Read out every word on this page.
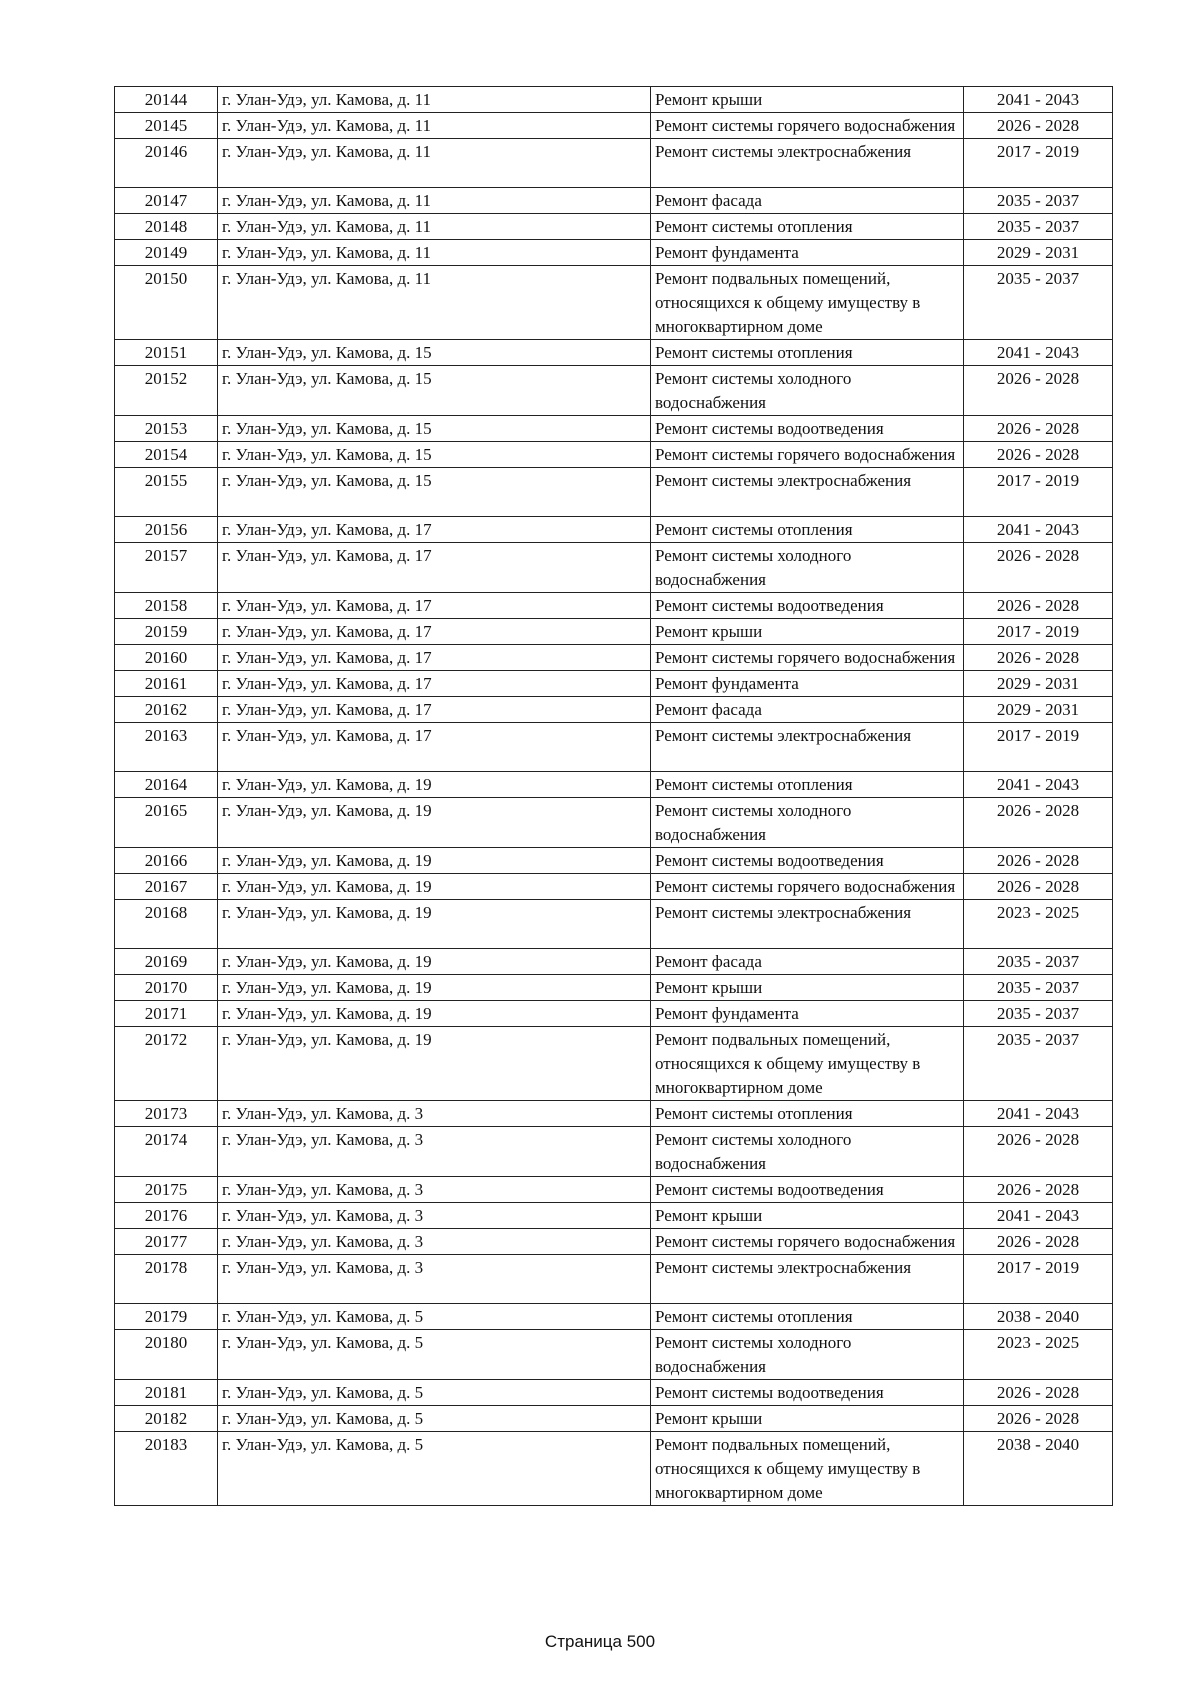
20144	г. Улан-Удэ, ул. Камова, д. 11	Ремонт крыши	2041 - 2043
20145	г. Улан-Удэ, ул. Камова, д. 11	Ремонт системы горячего водоснабжения	2026 - 2028
20146	г. Улан-Удэ, ул. Камова, д. 11	Ремонт системы электроснабжения	2017 - 2019
20147	г. Улан-Удэ, ул. Камова, д. 11	Ремонт фасада	2035 - 2037
20148	г. Улан-Удэ, ул. Камова, д. 11	Ремонт системы отопления	2035 - 2037
20149	г. Улан-Удэ, ул. Камова, д. 11	Ремонт фундамента	2029 - 2031
20150	г. Улан-Удэ, ул. Камова, д. 11	Ремонт подвальных помещений, относящихся к общему имуществу в многоквартирном доме	2035 - 2037
20151	г. Улан-Удэ, ул. Камова, д. 15	Ремонт системы отопления	2041 - 2043
20152	г. Улан-Удэ, ул. Камова, д. 15	Ремонт системы холодного водоснабжения	2026 - 2028
20153	г. Улан-Удэ, ул. Камова, д. 15	Ремонт системы водоотведения	2026 - 2028
20154	г. Улан-Удэ, ул. Камова, д. 15	Ремонт системы горячего водоснабжения	2026 - 2028
20155	г. Улан-Удэ, ул. Камова, д. 15	Ремонт системы электроснабжения	2017 - 2019
20156	г. Улан-Удэ, ул. Камова, д. 17	Ремонт системы отопления	2041 - 2043
20157	г. Улан-Удэ, ул. Камова, д. 17	Ремонт системы холодного водоснабжения	2026 - 2028
20158	г. Улан-Удэ, ул. Камова, д. 17	Ремонт системы водоотведения	2026 - 2028
20159	г. Улан-Удэ, ул. Камова, д. 17	Ремонт крыши	2017 - 2019
20160	г. Улан-Удэ, ул. Камова, д. 17	Ремонт системы горячего водоснабжения	2026 - 2028
20161	г. Улан-Удэ, ул. Камова, д. 17	Ремонт фундамента	2029 - 2031
20162	г. Улан-Удэ, ул. Камова, д. 17	Ремонт фасада	2029 - 2031
20163	г. Улан-Удэ, ул. Камова, д. 17	Ремонт системы электроснабжения	2017 - 2019
20164	г. Улан-Удэ, ул. Камова, д. 19	Ремонт системы отопления	2041 - 2043
20165	г. Улан-Удэ, ул. Камова, д. 19	Ремонт системы холодного водоснабжения	2026 - 2028
20166	г. Улан-Удэ, ул. Камова, д. 19	Ремонт системы водоотведения	2026 - 2028
20167	г. Улан-Удэ, ул. Камова, д. 19	Ремонт системы горячего водоснабжения	2026 - 2028
20168	г. Улан-Удэ, ул. Камова, д. 19	Ремонт системы электроснабжения	2023 - 2025
20169	г. Улан-Удэ, ул. Камова, д. 19	Ремонт фасада	2035 - 2037
20170	г. Улан-Удэ, ул. Камова, д. 19	Ремонт крыши	2035 - 2037
20171	г. Улан-Удэ, ул. Камова, д. 19	Ремонт фундамента	2035 - 2037
20172	г. Улан-Удэ, ул. Камова, д. 19	Ремонт подвальных помещений, относящихся к общему имуществу в многоквартирном доме	2035 - 2037
20173	г. Улан-Удэ, ул. Камова, д. 3	Ремонт системы отопления	2041 - 2043
20174	г. Улан-Удэ, ул. Камова, д. 3	Ремонт системы холодного водоснабжения	2026 - 2028
20175	г. Улан-Удэ, ул. Камова, д. 3	Ремонт системы водоотведения	2026 - 2028
20176	г. Улан-Удэ, ул. Камова, д. 3	Ремонт крыши	2041 - 2043
20177	г. Улан-Удэ, ул. Камова, д. 3	Ремонт системы горячего водоснабжения	2026 - 2028
20178	г. Улан-Удэ, ул. Камова, д. 3	Ремонт системы электроснабжения	2017 - 2019
20179	г. Улан-Удэ, ул. Камова, д. 5	Ремонт системы отопления	2038 - 2040
20180	г. Улан-Удэ, ул. Камова, д. 5	Ремонт системы холодного водоснабжения	2023 - 2025
20181	г. Улан-Удэ, ул. Камова, д. 5	Ремонт системы водоотведения	2026 - 2028
20182	г. Улан-Удэ, ул. Камова, д. 5	Ремонт крыши	2026 - 2028
20183	г. Улан-Удэ, ул. Камова, д. 5	Ремонт подвальных помещений, относящихся к общему имуществу в многоквартирном доме	2038 - 2040
Страница 500
